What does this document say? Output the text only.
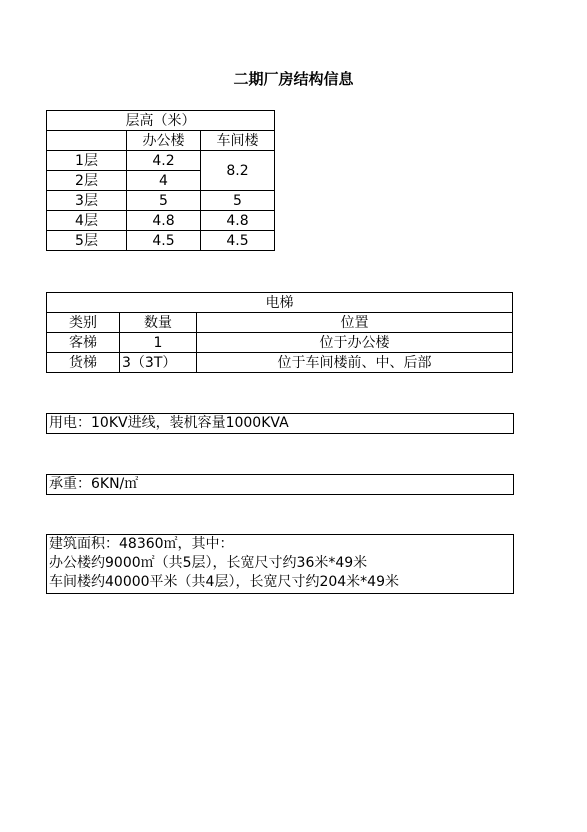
二期厂房结构信息
层高（米）		
	办公楼	车间楼
1层	4.2	8.2
2层	4	
3层	5	5
4层	4.8	4.8
5层	4.5	4.5
电梯		
类别	数量	位置
客梯	1	位于办公楼
货梯	3（3T）	位于车间楼前、中、后部
用电：10KV进线，装机容量1000KVA
承重：6KN/㎡
建筑面积：48360㎡，其中：
办公楼约9000㎡（共5层），长宽尺寸约36米*49米
车间楼约40000平米（共4层），长宽尺寸约204米*49米
